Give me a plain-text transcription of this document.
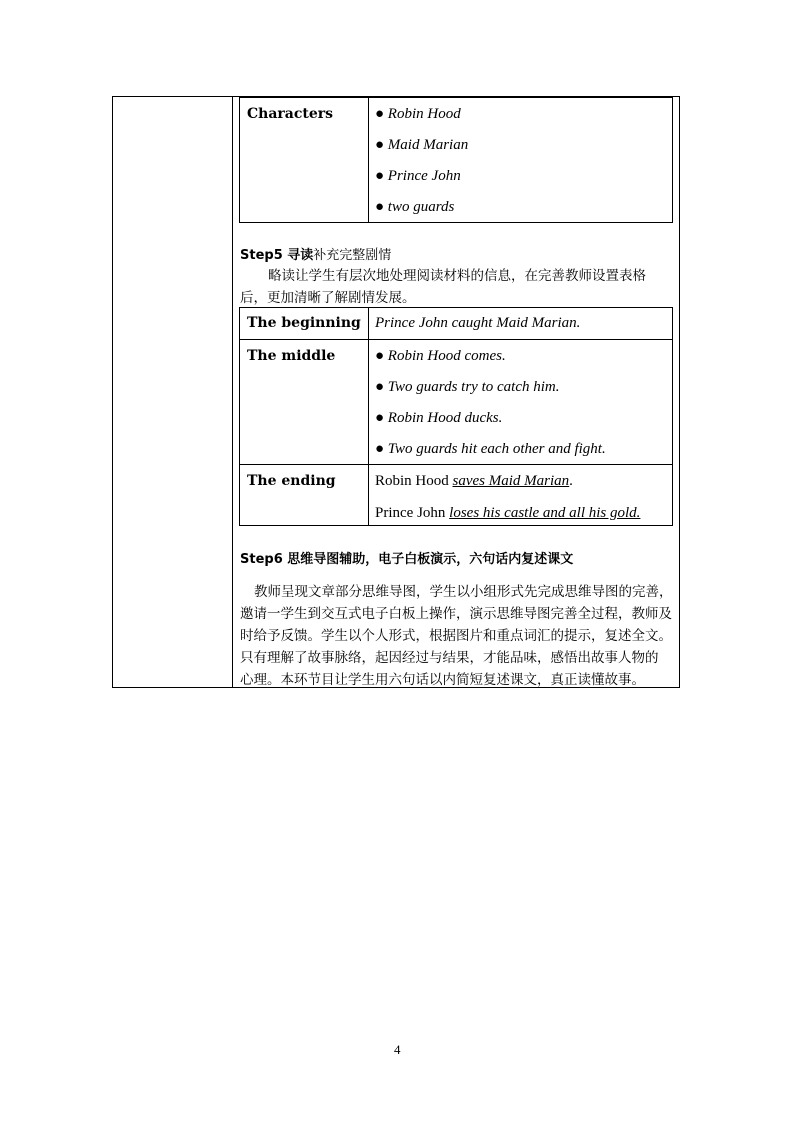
Characters	● Robin Hood
● Maid Marian
● Prince John
● two guards
Step5 寻读补充完整剧情
略读让学生有层次地处理阅读材料的信息，在完善教师设置表格
后，更加清晰了解剧情发展。
The beginning	Prince John caught Maid Marian.

The middle	● Robin Hood comes.
● Two guards try to catch him.
● Robin Hood ducks.
● Two guards hit each other and fight.

The ending	Robin Hood saves Maid Marian.
Prince John loses his castle and all his gold.
Step6 思维导图辅助，电子白板演示，六句话内复述课文
教师呈现文章部分思维导图，学生以小组形式先完成思维导图的完善，
邀请一学生到交互式电子白板上操作，演示思维导图完善全过程，教师及
时给予反馈。学生以个人形式，根据图片和重点词汇的提示，复述全文。
只有理解了故事脉络，起因经过与结果，才能品味，感悟出故事人物的
心理。本环节目让学生用六句话以内简短复述课文，真正读懂故事。
4
